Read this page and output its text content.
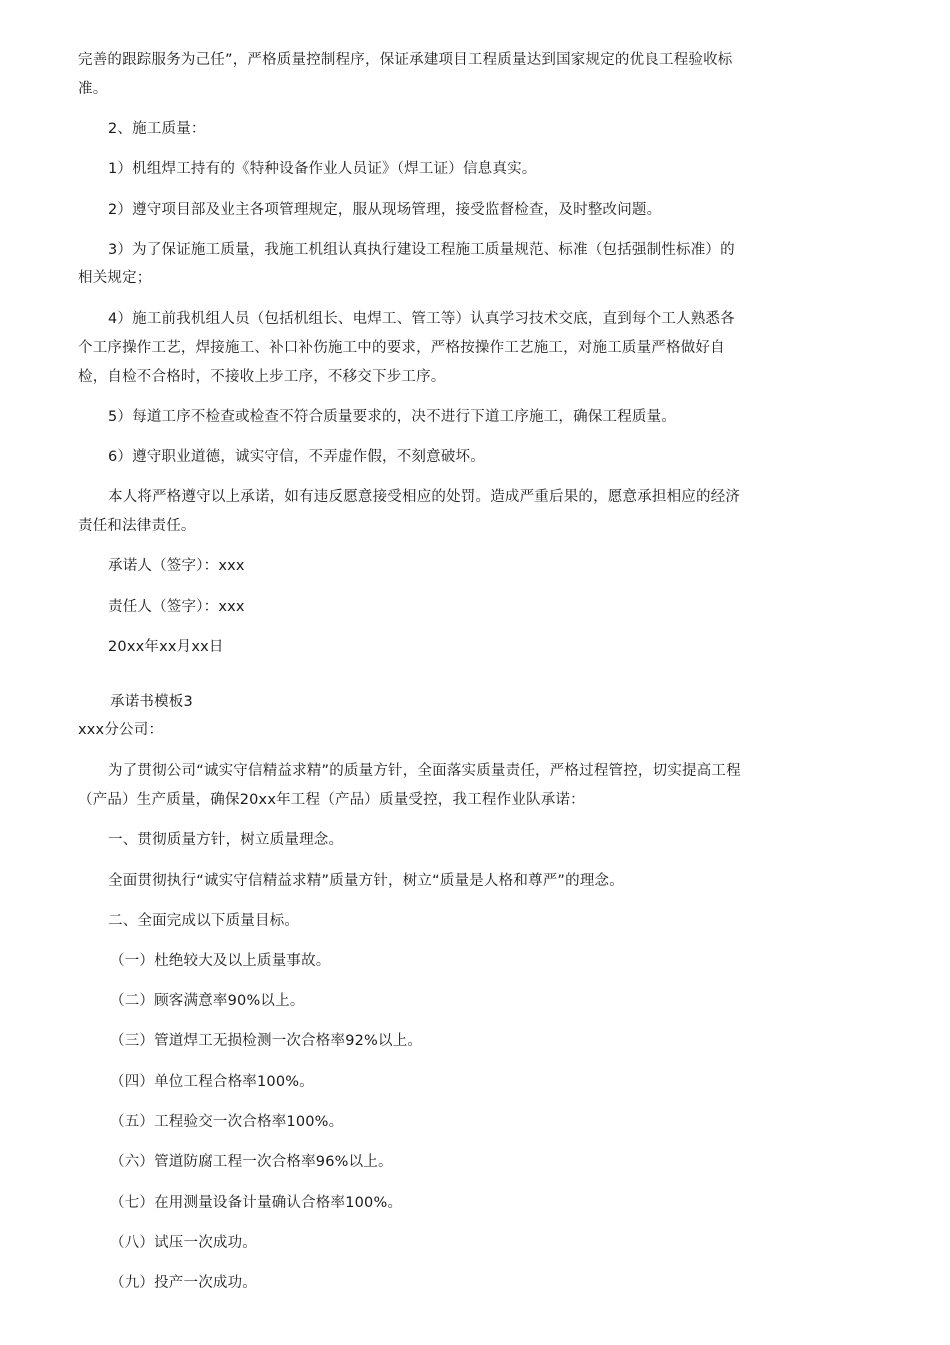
完善的跟踪服务为己任”，严格质量控制程序，保证承建项目工程质量达到国家规定的优良工程验收标
准。
2、施工质量：
1）机组焊工持有的《特种设备作业人员证》（焊工证）信息真实。
2）遵守项目部及业主各项管理规定，服从现场管理，接受监督检查，及时整改问题。
3）为了保证施工质量，我施工机组认真执行建设工程施工质量规范、标准（包括强制性标准）的
相关规定；
4）施工前我机组人员（包括机组长、电焊工、管工等）认真学习技术交底，直到每个工人熟悉各
个工序操作工艺，焊接施工、补口补伤施工中的要求，严格按操作工艺施工，对施工质量严格做好自
检，自检不合格时，不接收上步工序，不移交下步工序。
5）每道工序不检查或检查不符合质量要求的，决不进行下道工序施工，确保工程质量。
6）遵守职业道德，诚实守信，不弄虚作假，不刻意破坏。
本人将严格遵守以上承诺，如有违反愿意接受相应的处罚。造成严重后果的，愿意承担相应的经济
责任和法律责任。
承诺人（签字）：xxx
责任人（签字）：xxx
20xx年xx月xx日
承诺书模板3
xxx分公司：
为了贯彻公司“诚实守信精益求精”的质量方针，全面落实质量责任，严格过程管控，切实提高工程
（产品）生产质量，确保20xx年工程（产品）质量受控，我工程作业队承诺：
一、贯彻质量方针，树立质量理念。
全面贯彻执行“诚实守信精益求精”质量方针，树立“质量是人格和尊严”的理念。
二、全面完成以下质量目标。
（一）杜绝较大及以上质量事故。
（二）顾客满意率90%以上。
（三）管道焊工无损检测一次合格率92%以上。
（四）单位工程合格率100%。
（五）工程验交一次合格率100%。
（六）管道防腐工程一次合格率96%以上。
（七）在用测量设备计量确认合格率100%。
（八）试压一次成功。
（九）投产一次成功。
